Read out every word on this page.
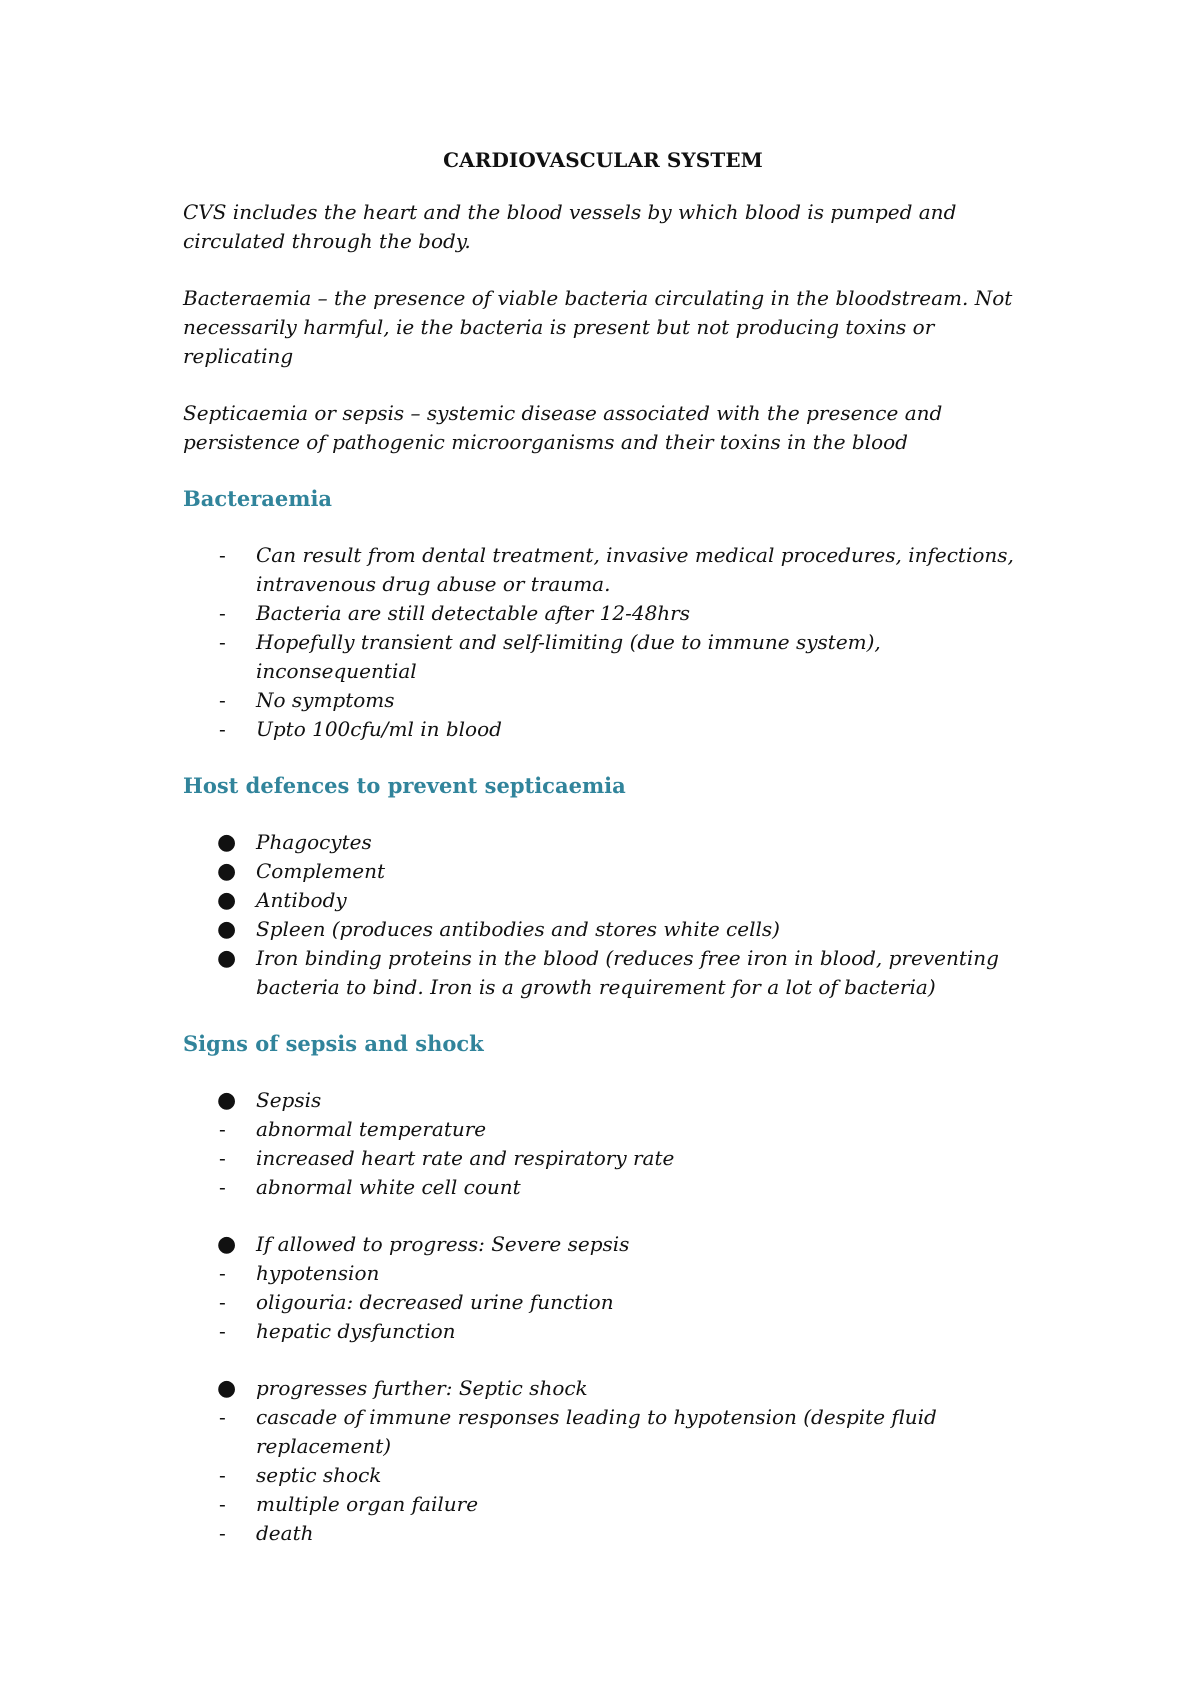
CARDIOVASCULAR SYSTEM

CVS includes the heart and the blood vessels by which blood is pumped and circulated through the body.

Bacteraemia – the presence of viable bacteria circulating in the bloodstream. Not necessarily harmful, ie the bacteria is present but not producing toxins or replicating

Septicaemia or sepsis – systemic disease associated with the presence and persistence of pathogenic microorganisms and their toxins in the blood

Bacteraemia
-	Can result from dental treatment, invasive medical procedures, infections, intravenous drug abuse or trauma.
-	Bacteria are still detectable after 12-48hrs
-	Hopefully transient and self-limiting (due to immune system), inconsequential
-	No symptoms
-	Upto 100cfu/ml in blood
Host defences to prevent septicaemia
● Phagocytes
● Complement
● Antibody
● Spleen (produces antibodies and stores white cells)
● Iron binding proteins in the blood (reduces free iron in blood, preventing bacteria to bind. Iron is a growth requirement for a lot of bacteria)
Signs of sepsis and shock
● Sepsis
-	abnormal temperature
-	increased heart rate and respiratory rate
-	abnormal white cell count
● If allowed to progress: Severe sepsis
-	hypotension
-	oligouria: decreased urine function
-	hepatic dysfunction
● progresses further: Septic shock
-	cascade of immune responses leading to hypotension (despite fluid replacement)
-	septic shock
-	multiple organ failure
-	death
